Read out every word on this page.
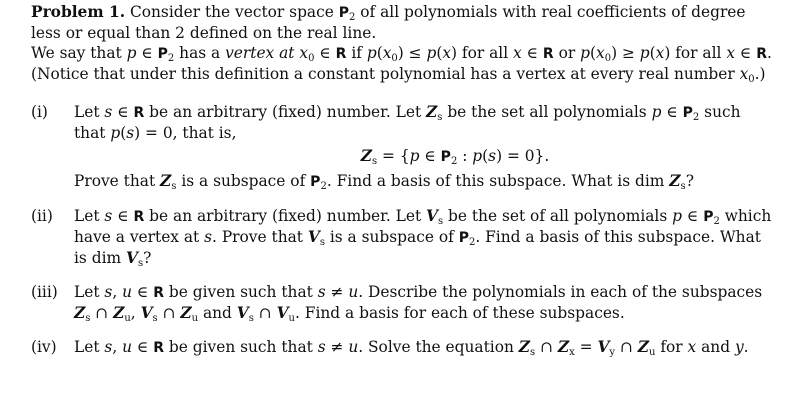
Problem 1. Consider the vector space $P_2$ of all polynomials with real coefficients of degree less or equal than 2 defined on the real line.

We say that p ∈ $P_2$ has a vertex at $x_0$ ∈ R if $p(x_0) \le p(x)$ for all x ∈ R or $p(x_0) \ge p(x)$ for all x ∈ R. (Notice that under this definition a constant polynomial has a vertex at every real number $x_0$.)

(i) Let s ∈ R be an arbitrary (fixed) number. Let $Z_s$ be the set all polynomials p ∈ $P_2$ such that p(s) = 0, that is,

$Z_s = \{p$ ∈ $P_2$ : p(s) = 0}.

Prove that $Z_s$ is a subspace of $P_2$. Find a basis of this subspace. What is dim $Z_s$?

(ii) Let s ∈ R be an arbitrary (fixed) number. Let $V_s$ be the set of all polynomials p ∈ $P_2$ which have a vertex at s. Prove that $V_s$ is a subspace of $P_2$. Find a basis of this subspace. What is dim $V_s$?

(iii) Let s, u ∈ R be given such that s ≠ u. Describe the polynomials in each of the subspaces $Z_s$ ∩ $Z_u$, $V_s$ ∩ $Z_u$ and $V_s$ ∩ $V_u$. Find a basis for each of these subspaces.

(iv) Let s, u ∈ R be given such that s ≠ u. Solve the equation $Z_s$ ∩ $Z_x = V_y$ ∩ $Z_u$ for x and y.
